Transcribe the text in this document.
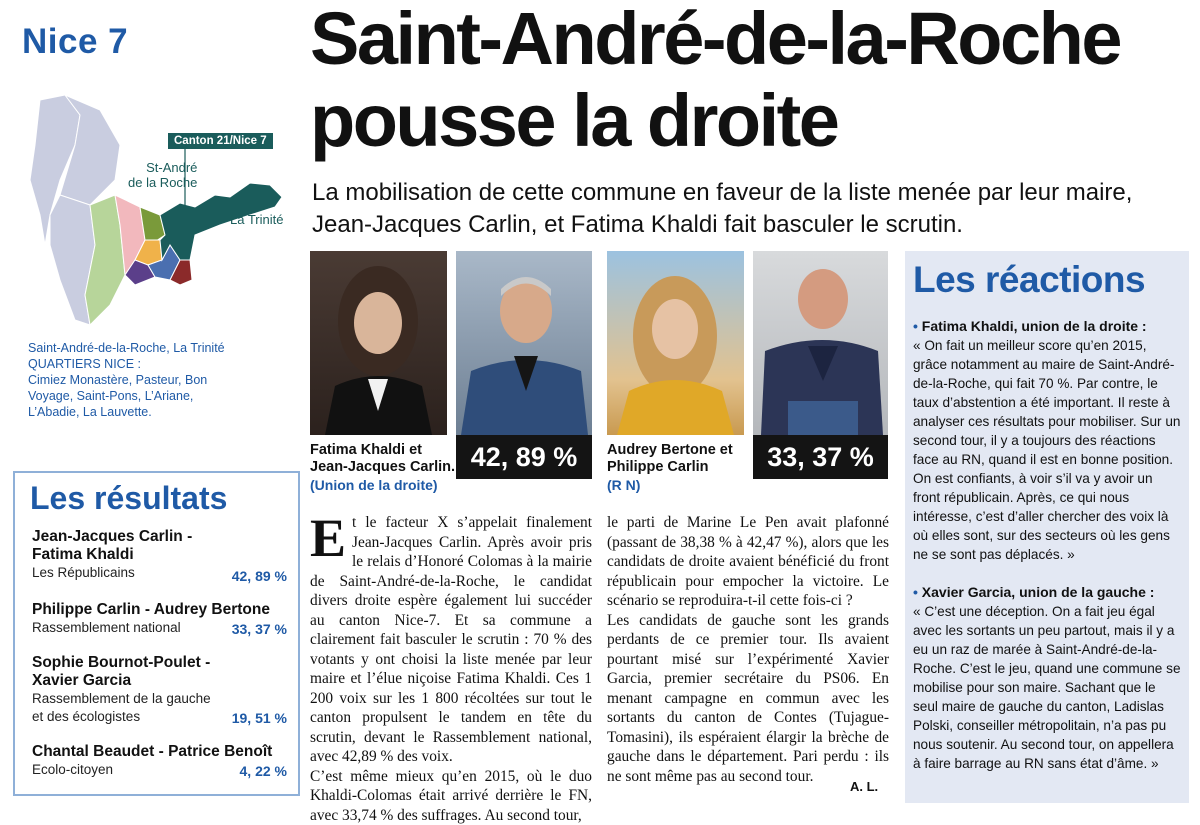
Nice 7
Canton 21/Nice 7
St-André
de la Roche
La Trinité
Saint-André-de-la-Roche, La Trinité
QUARTIERS NICE :
Cimiez Monastère, Pasteur, Bon Voyage, Saint-Pons, L’Ariane, L’Abadie, La Lauvette.
Les résultats
Jean-Jacques Carlin -
Fatima Khaldi
Les Républicains	42, 89 %
Philippe Carlin - Audrey Bertone
Rassemblement national	33, 37 %
Sophie Bournot-Poulet -
Xavier Garcia
Rassemblement de la gauche
et des écologistes	19, 51 %
Chantal Beaudet - Patrice Benoît
Ecolo-citoyen	4, 22 %
Saint-André-de-la-Roche pousse la droite
La mobilisation de cette commune en faveur de la liste menée par leur maire, Jean-Jacques Carlin, et Fatima Khaldi fait basculer le scrutin.
42, 89 %	33, 37 %
Fatima Khaldi et
Jean-Jacques Carlin.
(Union de la droite)
Audrey Bertone et
Philippe Carlin
(R N)
E t le facteur X s’appelait finalement Jean-Jacques Carlin. Après avoir pris le relais d’Honoré Colomas à la mairie de Saint-André-de-la-Roche, le candidat divers droite espère également lui succéder au canton Nice-7. Et sa commune a clairement fait basculer le scrutin : 70 % des votants y ont choisi la liste menée par leur maire et l’élue niçoise Fatima Khaldi. Ces 1 200 voix sur les 1 800 récoltées sur tout le canton propulsent le tandem en tête du scrutin, devant le Rassemblement national, avec 42,89 % des voix.

C’est même mieux qu’en 2015, où le duo Khaldi-Colomas était arrivé derrière le FN, avec 33,74 % des suffrages. Au second tour,

le parti de Marine Le Pen avait plafonné (passant de 38,38 % à 42,47 %), alors que les candidats de droite avaient bénéficié du front républicain pour empocher la victoire. Le scénario se reproduira-t-il cette fois-ci ?

Les candidats de gauche sont les grands perdants de ce premier tour. Ils avaient pourtant misé sur l’expérimenté Xavier Garcia, premier secrétaire du PS06. En menant campagne en commun avec les sortants du canton de Contes (Tujague-Tomasini), ils espéraient élargir la brèche de gauche dans le département. Pari perdu : ils ne sont même pas au second tour.

A. L.
Les réactions
• Fatima Khaldi, union de la droite :
« On fait un meilleur score qu’en 2015, grâce notamment au maire de Saint-André-de-la-Roche, qui fait 70 %. Par contre, le taux d’abstention a été important. Il reste à analyser ces résultats pour mobiliser. Sur un second tour, il y a toujours des réactions face au RN, quand il est en bonne position. On est confiants, à voir s’il va y avoir un front républicain. Après, ce qui nous intéresse, c’est d’aller chercher des voix là où elles sont, sur des secteurs où les gens ne se sont pas déplacés. »
• Xavier Garcia, union de la gauche :
« C’est une déception. On a fait jeu égal avec les sortants un peu partout, mais il y a eu un raz de marée à Saint-André-de-la-Roche. C’est le jeu, quand une commune se mobilise pour son maire. Sachant que le seul maire de gauche du canton, Ladislas Polski, conseiller métropolitain, n’a pas pu nous soutenir. Au second tour, on appellera à faire barrage au RN sans état d’âme. »
